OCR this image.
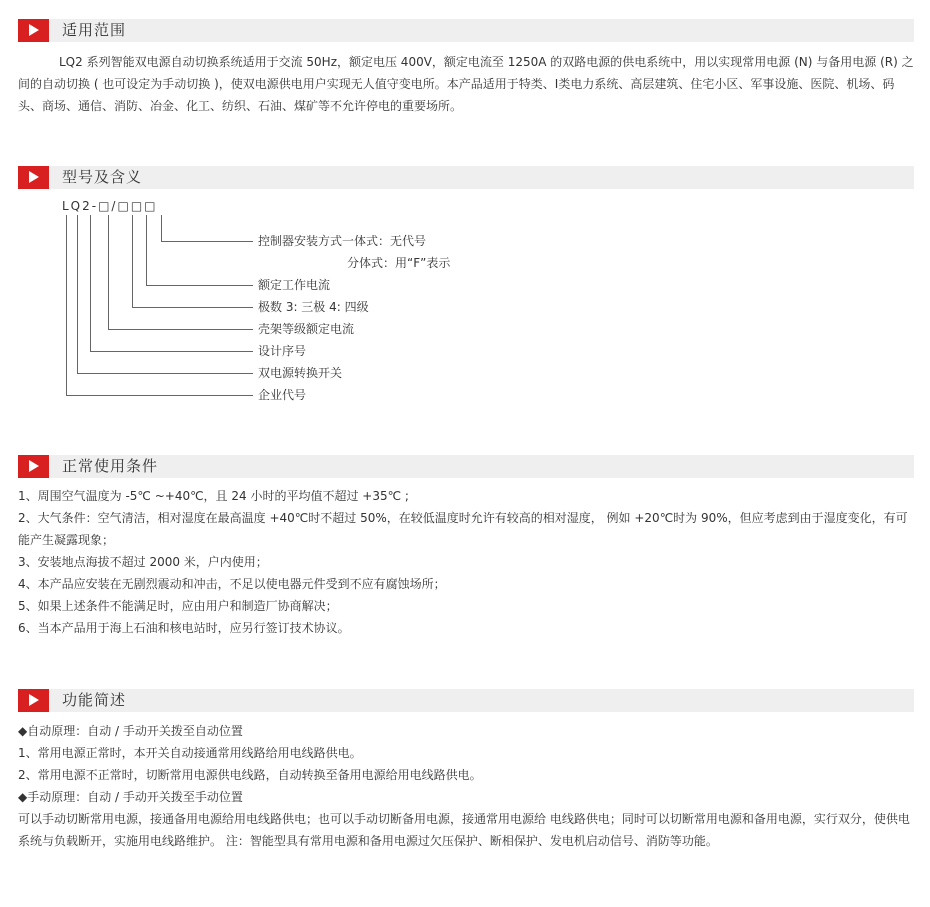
适用范围

LQ2 系列智能双电源自动切换系统适用于交流 50Hz，额定电压 400V，额定电流至 1250A 的双路电源的供电系统中，用以实现常用电源 (N) 与备用电源 (R) 之间的自动切换 ( 也可设定为手动切换 )，使双电源供电用户实现无人值守变电所。本产品适用于特类、Ⅰ类电力系统、高层建筑、住宅小区、军事设施、医院、机场、码头、商场、通信、消防、冶金、化工、纺织、石油、煤矿等不允许停电的重要场所。

型号及含义
LQ2-□/□□□
控制器安装方式一体式：无代号
分体式：用“F”表示
额定工作电流
极数 3: 三极 4: 四级
壳架等级额定电流
设计序号
双电源转换开关
企业代号
正常使用条件
1、周围空气温度为 -5℃ ~+40℃，且 24 小时的平均值不超过 +35℃ ;
2、大气条件：空气清洁，相对湿度在最高温度 +40℃时不超过 50%，在较低温度时允许有较高的相对湿度， 例如 +20℃时为 90%，但应考虑到由于湿度变化，有可能产生凝露现象；
3、安装地点海拔不超过 2000 米，户内使用；
4、本产品应安装在无剧烈震动和冲击，不足以使电器元件受到不应有腐蚀场所；
5、如果上述条件不能满足时，应由用户和制造厂协商解决；
6、当本产品用于海上石油和核电站时，应另行签订技术协议。
功能简述
◆自动原理：自动 / 手动开关拨至自动位置
1、常用电源正常时，本开关自动接通常用线路给用电线路供电。
2、常用电源不正常时，切断常用电源供电线路，自动转换至备用电源给用电线路供电。
◆手动原理：自动 / 手动开关拨至手动位置
可以手动切断常用电源，接通备用电源给用电线路供电；也可以手动切断备用电源，接通常用电源给 电线路供电；同时可以切断常用电源和备用电源，实行双分，使供电系统与负载断开，实施用电线路维护。 注：智能型具有常用电源和备用电源过欠压保护、断相保护、发电机启动信号、消防等功能。
